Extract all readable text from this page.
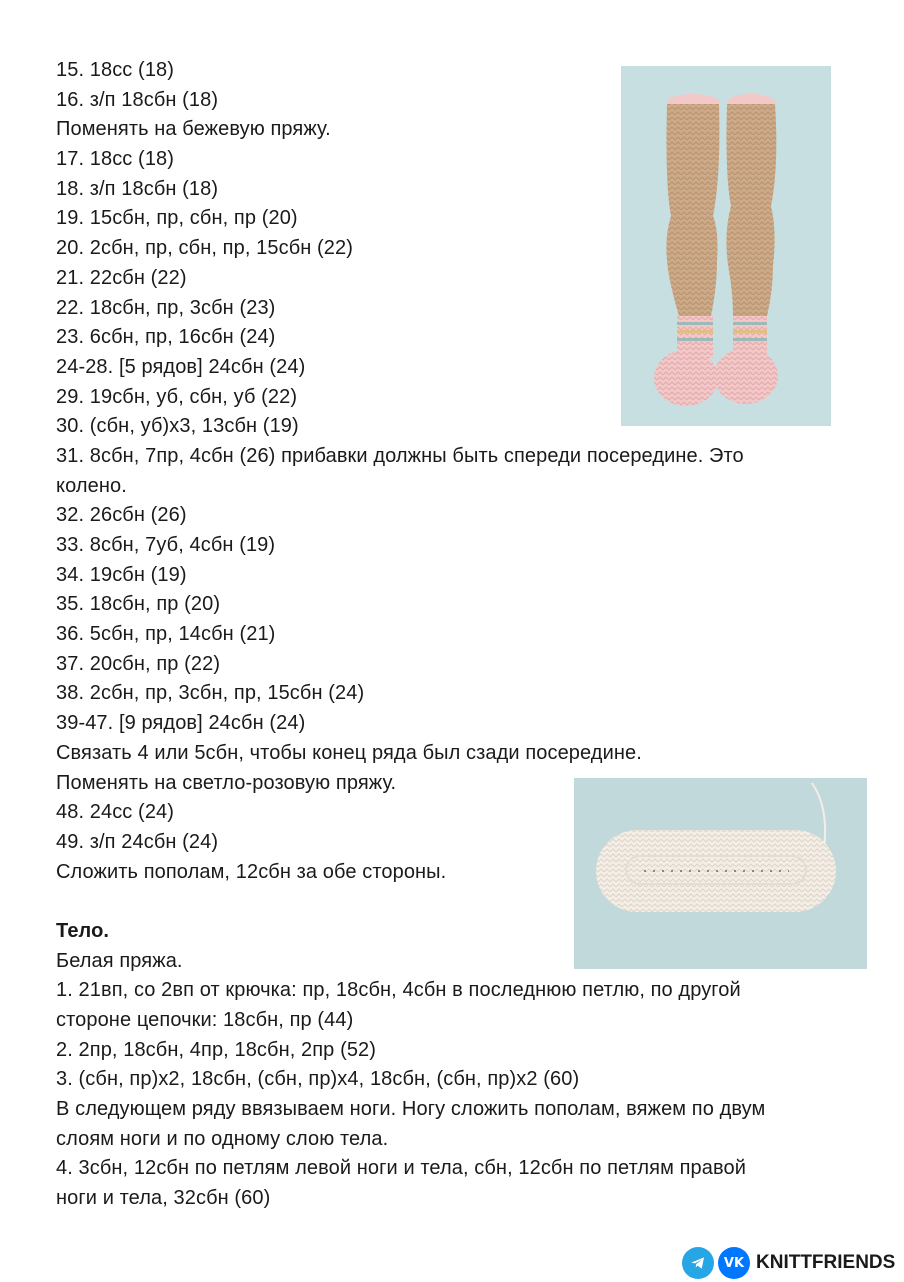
15. 18сс (18)
16. з/п 18сбн (18)
Поменять на бежевую пряжу.
17. 18сс (18)
18. з/п 18сбн (18)
19. 15сбн, пр, сбн, пр (20)
20. 2сбн, пр, сбн, пр, 15сбн (22)
21. 22сбн (22)
22. 18сбн, пр, 3сбн (23)
23. 6сбн, пр, 16сбн (24)
24-28. [5 рядов] 24сбн (24)
29. 19сбн, уб, сбн, уб (22)
30. (сбн, уб)х3, 13сбн (19)
31. 8сбн, 7пр, 4сбн (26) прибавки должны быть спереди посередине. Это
колено.
32. 26сбн (26)
33. 8сбн, 7уб, 4сбн (19)
34. 19сбн (19)
35. 18сбн, пр (20)
36. 5сбн, пр, 14сбн (21)
37. 20сбн, пр (22)
38. 2сбн, пр, 3сбн, пр, 15сбн (24)
39-47. [9 рядов] 24сбн (24)
Связать 4 или 5сбн, чтобы конец ряда был сзади посередине.
Поменять на светло-розовую пряжу.
48. 24сс (24)
49. з/п 24сбн (24)
Сложить пополам, 12сбн за обе стороны.
Тело.
Белая пряжа.
1. 21вп, со 2вп от крючка: пр, 18сбн, 4сбн в последнюю петлю, по другой
стороне цепочки: 18сбн, пр (44)
2. 2пр, 18сбн, 4пр, 18сбн, 2пр (52)
3. (сбн, пр)х2, 18сбн, (сбн, пр)х4, 18сбн, (сбн, пр)х2 (60)
В следующем ряду ввязываем ноги. Ногу сложить пополам, вяжем по двум
слоям ноги и по одному слою тела.
4. 3сбн, 12сбн по петлям левой ноги и тела, сбн, 12сбн по петлям правой
ноги и тела, 32сбн (60)
VK KNITTFRIENDS
